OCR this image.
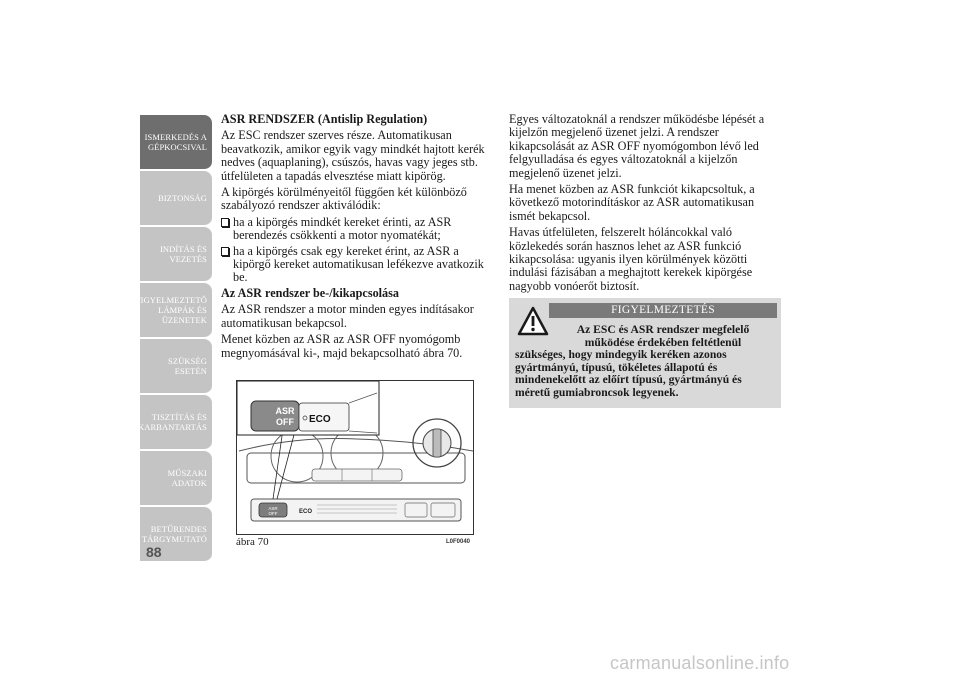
ISMERKEDÉS A
GÉPKOCSIVAL
BIZTONSÁG
INDÍTÁS ÉS
VEZETÉS
FIGYELMEZTETŐ
LÁMPÁK ÉS
ÜZENETEK
SZÜKSÉG ESETÉN
TISZTÍTÁS ÉS
KARBANTARTÁS
MŰSZAKI ADATOK
BETŰRENDES
TÁRGYMUTATÓ
88

ASR RENDSZER (Antislip Regulation)

Az ESC rendszer szerves része. Automatikusan beavatkozik, amikor egyik vagy mindkét hajtott kerék nedves (aquaplaning), csúszós, havas vagy jeges stb. útfelületen a tapadás elvesztése miatt kipörög.

A kipörgés körülményeitől függően két különböző szabályozó rendszer aktiválódik:

ha a kipörgés mindkét kereket érinti, az ASR berendezés csökkenti a motor nyomatékát;
ha a kipörgés csak egy kereket érint, az ASR a kipörgő kereket automatikusan lefékezve avatkozik be.

Az ASR rendszer be-/kikapcsolása

Az ASR rendszer a motor minden egyes indításakor automatikusan bekapcsol.

Menet közben az ASR az ASR OFF nyomógomb megnyomásával ki-, majd bekapcsolható ábra 70.

Egyes változatoknál a rendszer működésbe lépését a kijelzőn megjelenő üzenet jelzi. A rendszer kikapcsolását az ASR OFF nyomógombon lévő led felgyulladása és egyes változatoknál a kijelzőn megjelenő üzenet jelzi.

Ha menet közben az ASR funkciót kikapcsoltuk, a következő motorindításkor az ASR automatikusan ismét bekapcsol.

Havas útfelületen, felszerelt hóláncokkal való közlekedés során hasznos lehet az ASR funkció kikapcsolása: ugyanis ilyen körülmények közötti indulási fázisában a meghajtott kerekek kipörgése nagyobb vonóerőt biztosít.

FIGYELMEZTETÉS
Az ESC és ASR rendszer megfelelő működése érdekében feltétlenül
szükséges, hogy mindegyik keréken azonos gyártmányú, típusú, tökéletes állapotú és mindenekelőtt az előírt típusú, gyártmányú és méretű gumiabroncsok legyenek.
ASR
OFF	ECO
ASR
OFF ECO
ábra 70	L0F0040
carmanualsonline.info
